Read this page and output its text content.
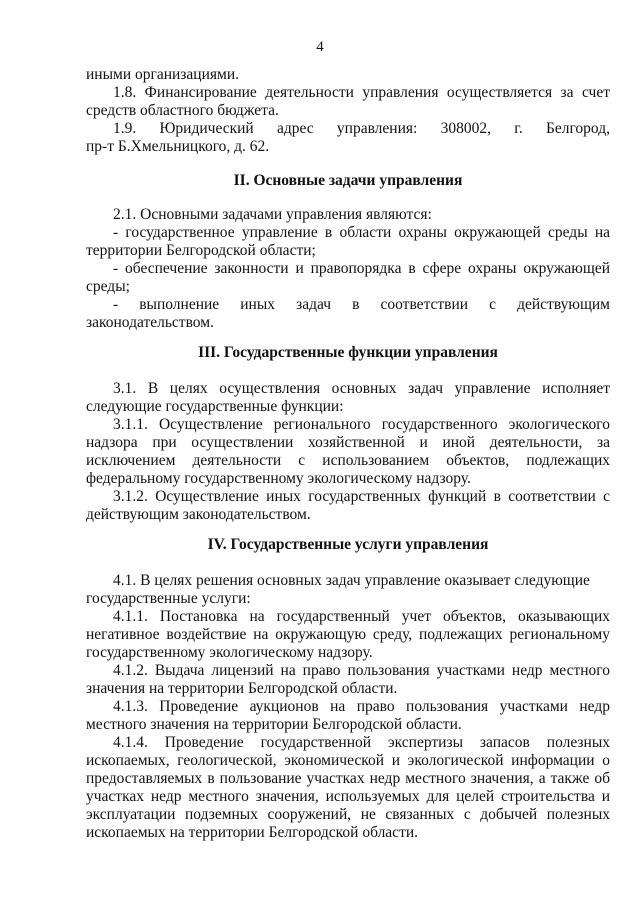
4
иными организациями.
1.8. Финансирование деятельности управления осуществляется за счет
средств областного бюджета.
1.9.     Юридический     адрес     управления:     308002,     г.     Белгород,
пр-т Б.Хмельницкого, д. 62.
II. Основные задачи управления
2.1. Основными задачами управления являются:
- государственное управление в области охраны окружающей среды на
территории Белгородской области;
- обеспечение законности и правопорядка в сфере охраны окружающей
среды;
-     выполнение     иных     задач     в     соответствии     с     действующим
законодательством.
III. Государственные функции управления
3.1. В целях осуществления основных задач управление исполняет
следующие государственные функции:
3.1.1. Осуществление регионального государственного экологического
надзора при осуществлении хозяйственной и иной деятельности, за
исключением деятельности с использованием объектов, подлежащих
федеральному государственному экологическому надзору.
3.1.2. Осуществление иных государственных функций в соответствии с
действующим законодательством.
IV. Государственные услуги управления
4.1. В целях решения основных задач управление оказывает следующие
государственные услуги:
4.1.1. Постановка на государственный учет объектов, оказывающих
негативное воздействие на окружающую среду, подлежащих региональному
государственному экологическому надзору.
4.1.2. Выдача лицензий на право пользования участками недр местного
значения на территории Белгородской области.
4.1.3. Проведение аукционов на право пользования участками недр
местного значения на территории Белгородской области.
4.1.4. Проведение государственной экспертизы запасов полезных
ископаемых, геологической, экономической и экологической информации о
предоставляемых в пользование участках недр местного значения, а также об
участках недр местного значения, используемых для целей строительства и
эксплуатации подземных сооружений, не связанных с добычей полезных
ископаемых на территории Белгородской области.
